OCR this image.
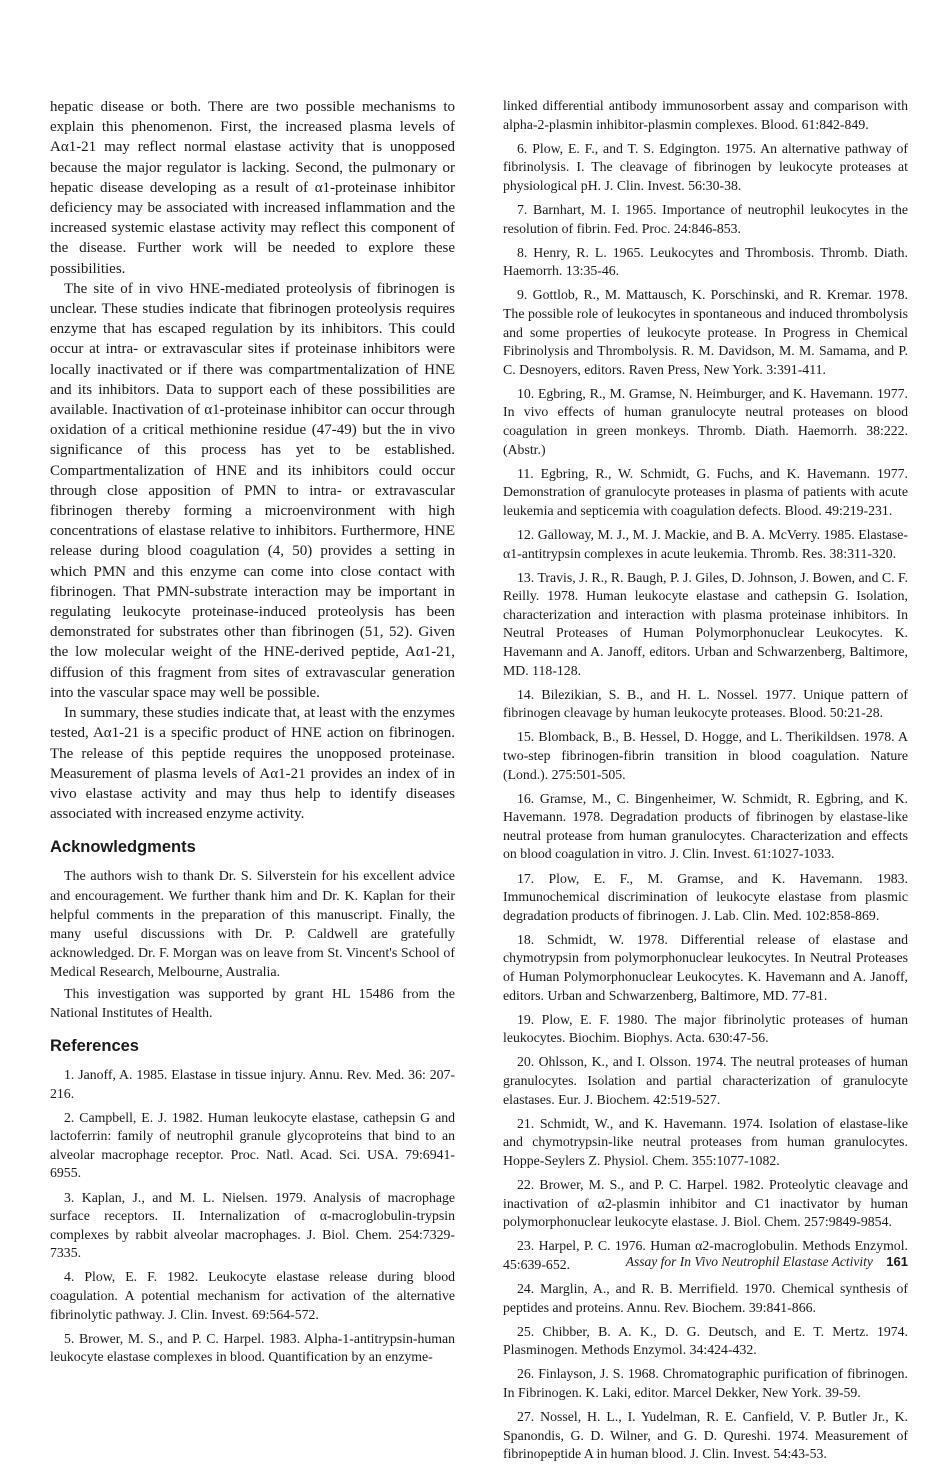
hepatic disease or both. There are two possible mechanisms to explain this phenomenon. First, the increased plasma levels of Aα1-21 may reflect normal elastase activity that is unopposed because the major regulator is lacking. Second, the pulmonary or hepatic disease developing as a result of α1-proteinase inhibitor deficiency may be associated with increased inflammation and the increased systemic elastase activity may reflect this component of the disease. Further work will be needed to explore these possibilities.

The site of in vivo HNE-mediated proteolysis of fibrinogen is unclear. These studies indicate that fibrinogen proteolysis requires enzyme that has escaped regulation by its inhibitors. This could occur at intra- or extravascular sites if proteinase inhibitors were locally inactivated or if there was compartmentalization of HNE and its inhibitors. Data to support each of these possibilities are available. Inactivation of α1-proteinase inhibitor can occur through oxidation of a critical methionine residue (47-49) but the in vivo significance of this process has yet to be established. Compartmentalization of HNE and its inhibitors could occur through close apposition of PMN to intra- or extravascular fibrinogen thereby forming a microenvironment with high concentrations of elastase relative to inhibitors. Furthermore, HNE release during blood coagulation (4, 50) provides a setting in which PMN and this enzyme can come into close contact with fibrinogen. That PMN-substrate interaction may be important in regulating leukocyte proteinase-induced proteolysis has been demonstrated for substrates other than fibrinogen (51, 52). Given the low molecular weight of the HNE-derived peptide, Aα1-21, diffusion of this fragment from sites of extravascular generation into the vascular space may well be possible.

In summary, these studies indicate that, at least with the enzymes tested, Aα1-21 is a specific product of HNE action on fibrinogen. The release of this peptide requires the unopposed proteinase. Measurement of plasma levels of Aα1-21 provides an index of in vivo elastase activity and may thus help to identify diseases associated with increased enzyme activity.

Acknowledgments

The authors wish to thank Dr. S. Silverstein for his excellent advice and encouragement. We further thank him and Dr. K. Kaplan for their helpful comments in the preparation of this manuscript. Finally, the many useful discussions with Dr. P. Caldwell are gratefully acknowledged. Dr. F. Morgan was on leave from St. Vincent's School of Medical Research, Melbourne, Australia.

This investigation was supported by grant HL 15486 from the National Institutes of Health.

References

1. Janoff, A. 1985. Elastase in tissue injury. Annu. Rev. Med. 36: 207-216.

2. Campbell, E. J. 1982. Human leukocyte elastase, cathepsin G and lactoferrin: family of neutrophil granule glycoproteins that bind to an alveolar macrophage receptor. Proc. Natl. Acad. Sci. USA. 79:6941-6955.

3. Kaplan, J., and M. L. Nielsen. 1979. Analysis of macrophage surface receptors. II. Internalization of α-macroglobulin-trypsin complexes by rabbit alveolar macrophages. J. Biol. Chem. 254:7329-7335.

4. Plow, E. F. 1982. Leukocyte elastase release during blood coagulation. A potential mechanism for activation of the alternative fibrinolytic pathway. J. Clin. Invest. 69:564-572.

5. Brower, M. S., and P. C. Harpel. 1983. Alpha-1-antitrypsin-human leukocyte elastase complexes in blood. Quantification by an enzyme-

linked differential antibody immunosorbent assay and comparison with alpha-2-plasmin inhibitor-plasmin complexes. Blood. 61:842-849.

6. Plow, E. F., and T. S. Edgington. 1975. An alternative pathway of fibrinolysis. I. The cleavage of fibrinogen by leukocyte proteases at physiological pH. J. Clin. Invest. 56:30-38.

7. Barnhart, M. I. 1965. Importance of neutrophil leukocytes in the resolution of fibrin. Fed. Proc. 24:846-853.

8. Henry, R. L. 1965. Leukocytes and Thrombosis. Thromb. Diath. Haemorrh. 13:35-46.

9. Gottlob, R., M. Mattausch, K. Porschinski, and R. Kremar. 1978. The possible role of leukocytes in spontaneous and induced thrombolysis and some properties of leukocyte protease. In Progress in Chemical Fibrinolysis and Thrombolysis. R. M. Davidson, M. M. Samama, and P. C. Desnoyers, editors. Raven Press, New York. 3:391-411.

10. Egbring, R., M. Gramse, N. Heimburger, and K. Havemann. 1977. In vivo effects of human granulocyte neutral proteases on blood coagulation in green monkeys. Thromb. Diath. Haemorrh. 38:222. (Abstr.)

11. Egbring, R., W. Schmidt, G. Fuchs, and K. Havemann. 1977. Demonstration of granulocyte proteases in plasma of patients with acute leukemia and septicemia with coagulation defects. Blood. 49:219-231.

12. Galloway, M. J., M. J. Mackie, and B. A. McVerry. 1985. Elastase-α1-antitrypsin complexes in acute leukemia. Thromb. Res. 38:311-320.

13. Travis, J. R., R. Baugh, P. J. Giles, D. Johnson, J. Bowen, and C. F. Reilly. 1978. Human leukocyte elastase and cathepsin G. Isolation, characterization and interaction with plasma proteinase inhibitors. In Neutral Proteases of Human Polymorphonuclear Leukocytes. K. Havemann and A. Janoff, editors. Urban and Schwarzenberg, Baltimore, MD. 118-128.

14. Bilezikian, S. B., and H. L. Nossel. 1977. Unique pattern of fibrinogen cleavage by human leukocyte proteases. Blood. 50:21-28.

15. Blomback, B., B. Hessel, D. Hogge, and L. Therikildsen. 1978. A two-step fibrinogen-fibrin transition in blood coagulation. Nature (Lond.). 275:501-505.

16. Gramse, M., C. Bingenheimer, W. Schmidt, R. Egbring, and K. Havemann. 1978. Degradation products of fibrinogen by elastase-like neutral protease from human granulocytes. Characterization and effects on blood coagulation in vitro. J. Clin. Invest. 61:1027-1033.

17. Plow, E. F., M. Gramse, and K. Havemann. 1983. Immunochemical discrimination of leukocyte elastase from plasmic degradation products of fibrinogen. J. Lab. Clin. Med. 102:858-869.

18. Schmidt, W. 1978. Differential release of elastase and chymotrypsin from polymorphonuclear leukocytes. In Neutral Proteases of Human Polymorphonuclear Leukocytes. K. Havemann and A. Janoff, editors. Urban and Schwarzenberg, Baltimore, MD. 77-81.

19. Plow, E. F. 1980. The major fibrinolytic proteases of human leukocytes. Biochim. Biophys. Acta. 630:47-56.

20. Ohlsson, K., and I. Olsson. 1974. The neutral proteases of human granulocytes. Isolation and partial characterization of granulocyte elastases. Eur. J. Biochem. 42:519-527.

21. Schmidt, W., and K. Havemann. 1974. Isolation of elastase-like and chymotrypsin-like neutral proteases from human granulocytes. Hoppe-Seylers Z. Physiol. Chem. 355:1077-1082.

22. Brower, M. S., and P. C. Harpel. 1982. Proteolytic cleavage and inactivation of α2-plasmin inhibitor and C1 inactivator by human polymorphonuclear leukocyte elastase. J. Biol. Chem. 257:9849-9854.

23. Harpel, P. C. 1976. Human α2-macroglobulin. Methods Enzymol. 45:639-652.

24. Marglin, A., and R. B. Merrifield. 1970. Chemical synthesis of peptides and proteins. Annu. Rev. Biochem. 39:841-866.

25. Chibber, B. A. K., D. G. Deutsch, and E. T. Mertz. 1974. Plasminogen. Methods Enzymol. 34:424-432.

26. Finlayson, J. S. 1968. Chromatographic purification of fibrinogen. In Fibrinogen. K. Laki, editor. Marcel Dekker, New York. 39-59.

27. Nossel, H. L., I. Yudelman, R. E. Canfield, V. P. Butler Jr., K. Spanondis, G. D. Wilner, and G. D. Qureshi. 1974. Measurement of fibrinopeptide A in human blood. J. Clin. Invest. 54:43-53.

Assay for In Vivo Neutrophil Elastase Activity 161
